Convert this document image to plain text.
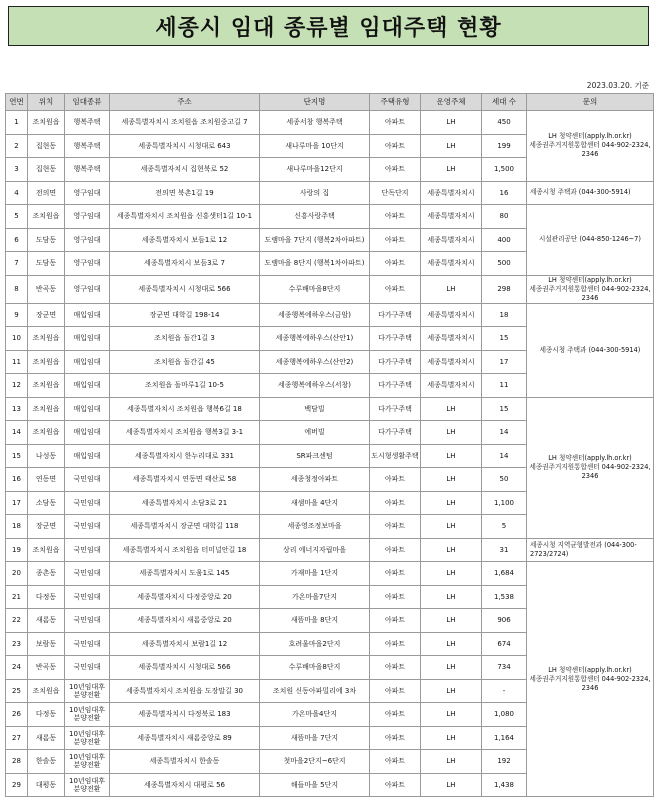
세종시 임대 종류별 임대주택 현황
2023.03.20. 기준
연번	위치	임대종류	주소	단지명	주택유형	운영주체	세대 수	문의
1	조치원읍	행복주택	세종특별자치시 조치원읍 조치원중고길 7	세종서창 행복주택	아파트	LH	450	LH 청약센터(apply.lh.or.kr)
세종권주거지원통합센터 044-902-2324, 2346
2	집현동	행복주택	세종특별자치시 시청대로 643	새나루마을 10단지	아파트	LH	199	
3	집현동	행복주택	세종특별자치시 집현북로 52	새나루마을12단지	아파트	LH	1,500	
4	전의면	영구임대	전의면 북촌1길 19	사랑의 집	단독단지	세종특별자치시	16	세종시청 주택과 (044-300-5914)
5	조치원읍	영구임대	세종특별자치시 조치원읍 신흥샛터1길 10-1	신흥사랑주택	아파트	세종특별자치시	80	시설관리공단 (044-850-1246~7)
6	도담동	영구임대	세종특별자치시 보듬1로 12	도램마을 7단지 (행복2차아파트)	아파트	세종특별자치시	400	
7	도담동	영구임대	세종특별자치시 보듬3로 7	도램마을 8단지 (행복1차아파트)	아파트	세종특별자치시	500	
8	반곡동	영구임대	세종특별자치시 시청대로 566	수루배마을8단지	아파트	LH	298	LH 청약센터(apply.lh.or.kr)
세종권주거지원통합센터 044-902-2324, 2346
9	장군면	매입임대	장군면 대학길 198-14	세종행복에하우스(금암)	다가구주택	세종특별자치시	18	세종시청 주택과 (044-300-5914)
10	조치원읍	매입임대	조치원읍 돌간1길 3	세종행복에하우스(산안1)	다가구주택	세종특별자치시	15	
11	조치원읍	매입임대	조치원읍 돌간길 45	세종행복에하우스(산안2)	다가구주택	세종특별자치시	17	
12	조치원읍	매입임대	조치원읍 돌마루1길 10-5	세종행복에하우스(서창)	다가구주택	세종특별자치시	11	
13	조치원읍	매입임대	세종특별자치시 조치원읍 행복6길 18	백담빌	다가구주택	LH	15	LH 청약센터(apply.lh.or.kr)
세종권주거지원통합센터 044-902-2324, 2346
14	조치원읍	매입임대	세종특별자치시 조치원읍 행복3길 3-1	에버빌	다가구주택	LH	14	
15	나성동	매입임대	세종특별자치시 한누리대로 331	SR파크센텀	도시형생활주택	LH	14	
16	연동면	국민임대	세종특별자치시 연동면 태산로 58	세종청정아파트	아파트	LH	50	
17	소담동	국민임대	세종특별자치시 소담3로 21	새샘마을 4단지	아파트	LH	1,100	
18	장군면	국민임대	세종특별자치시 장군면 대학길 118	세종영조정보마을	아파트	LH	5	
19	조치원읍	국민임대	세종특별자치시 조치원읍 터미널안길 18	상리 에너지자립마을	아파트	LH	31	세종시청 지역균형발전과 (044-300-2723/2724)
20	종촌동	국민임대	세종특별자치시 도움1로 145	가재마을 1단지	아파트	LH	1,684	LH 청약센터(apply.lh.or.kr)
세종권주거지원통합센터 044-902-2324, 2346
21	다정동	국민임대	세종특별자치시 다정중앙로 20	가온마을7단지	아파트	LH	1,538	
22	새롬동	국민임대	세종특별자치시 새롬중앙로 20	새뜸마을 8단지	아파트	LH	906	
23	보람동	국민임대	세종특별자치시 보람1길 12	호려울마을2단지	아파트	LH	674	
24	반곡동	국민임대	세종특별자치시 시청대로 566	수루배마을8단지	아파트	LH	734	
25	조치원읍	10년임대후 분양전환	세종특별자치시 조치원읍 도장말길 30	조치원 신동아파밀리에 3차	아파트	LH	-	
26	다정동	10년임대후 분양전환	세종특별자치시 다정북로 183	가온마을4단지	아파트	LH	1,080	
27	새롬동	10년임대후 분양전환	세종특별자치시 새롬중앙로 89	새뜸마을 7단지	아파트	LH	1,164	
28	한솔동	10년임대후 분양전환	세종특별자치시 한솔동	첫마을2단지~6단지	아파트	LH	192	
29	대평동	10년임대후 분양전환	세종특별자치시 대평로 56	해들마을 5단지	아파트	LH	1,438	
